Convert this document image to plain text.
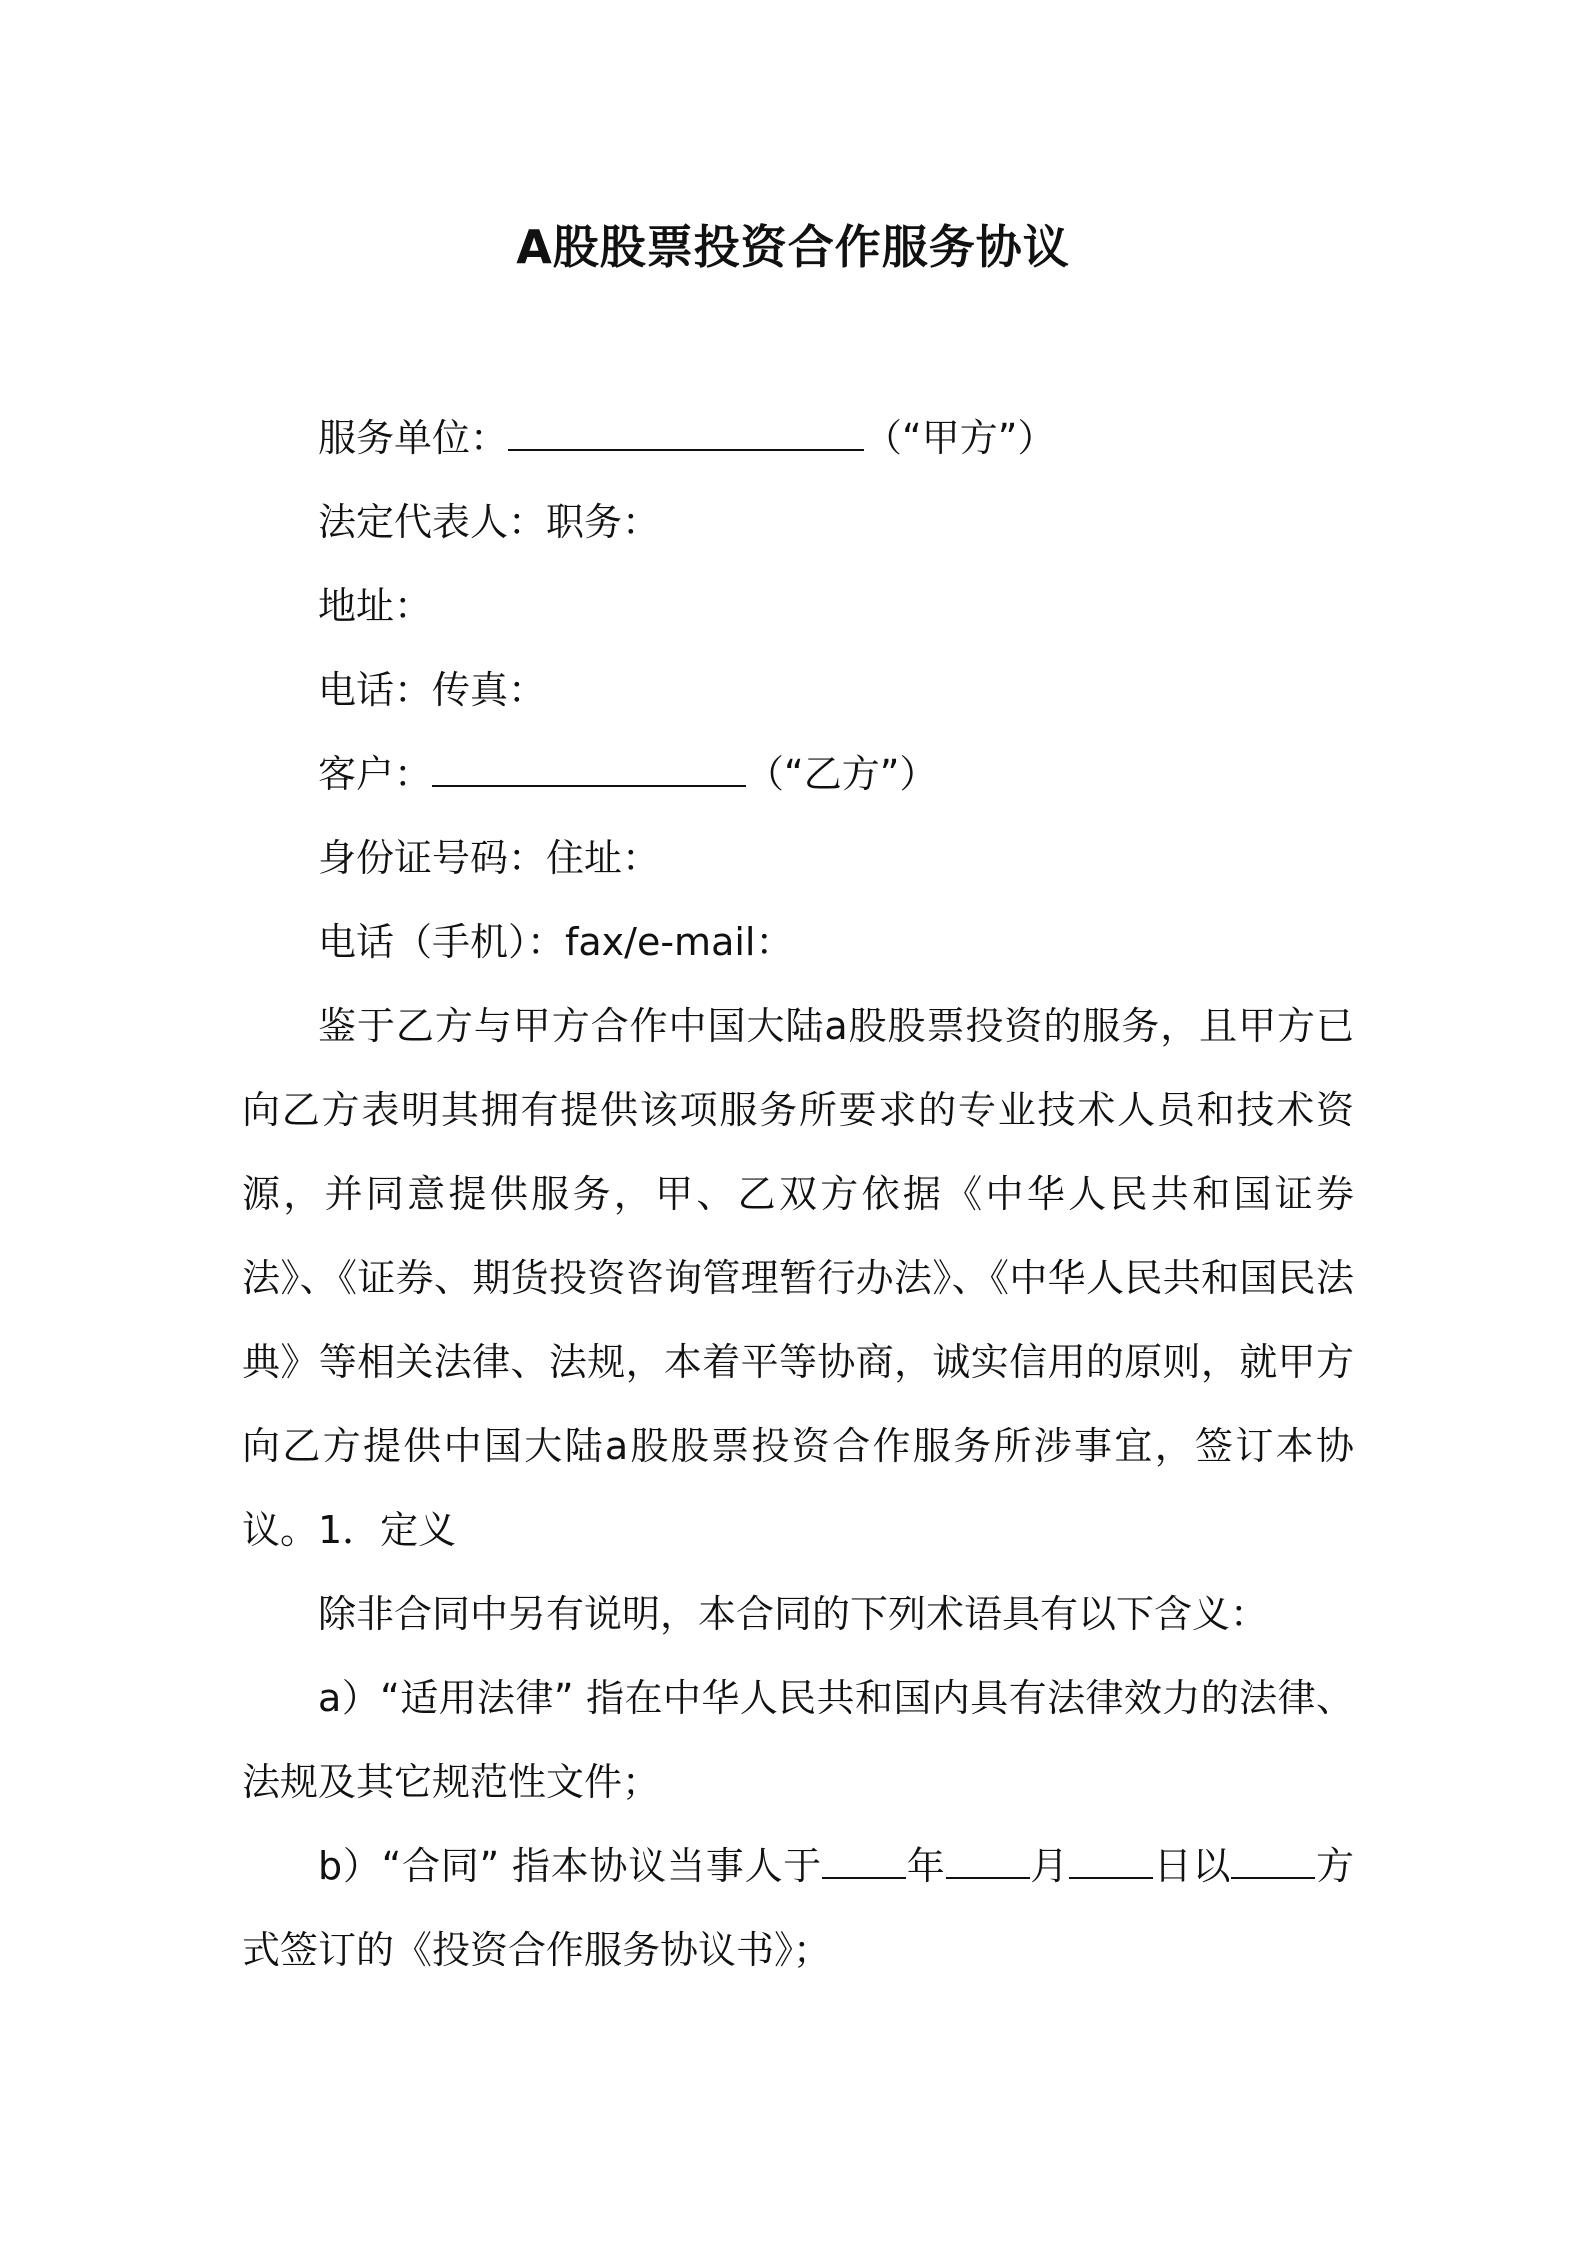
A股股票投资合作服务协议
服务单位：	（“甲方”）
法定代表人：职务：
地址：
电话：传真：
客户：	（“乙方”）
身份证号码：住址：
电话（手机）：fax/e-mail：
鉴于乙方与甲方合作中国大陆a股股票投资的服务，且甲方已向乙方表明其拥有提供该项服务所要求的专业技术人员和技术资源，并同意提供服务，甲、乙双方依据《中华人民共和国证券法》、《证券、期货投资咨询管理暂行办法》、《中华人民共和国民法典》等相关法律、法规，本着平等协商，诚实信用的原则，就甲方向乙方提供中国大陆a股股票投资合作服务所涉事宜，签订本协议。 1．定义
除非合同中另有说明，本合同的下列术语具有以下含义：
a）“适用法律” 指在中华人民共和国内具有法律效力的法律、法规及其它规范性文件；
b）“合同” 指本协议当事人于 年 月 日以 方式签订的《投资合作服务协议书》；
